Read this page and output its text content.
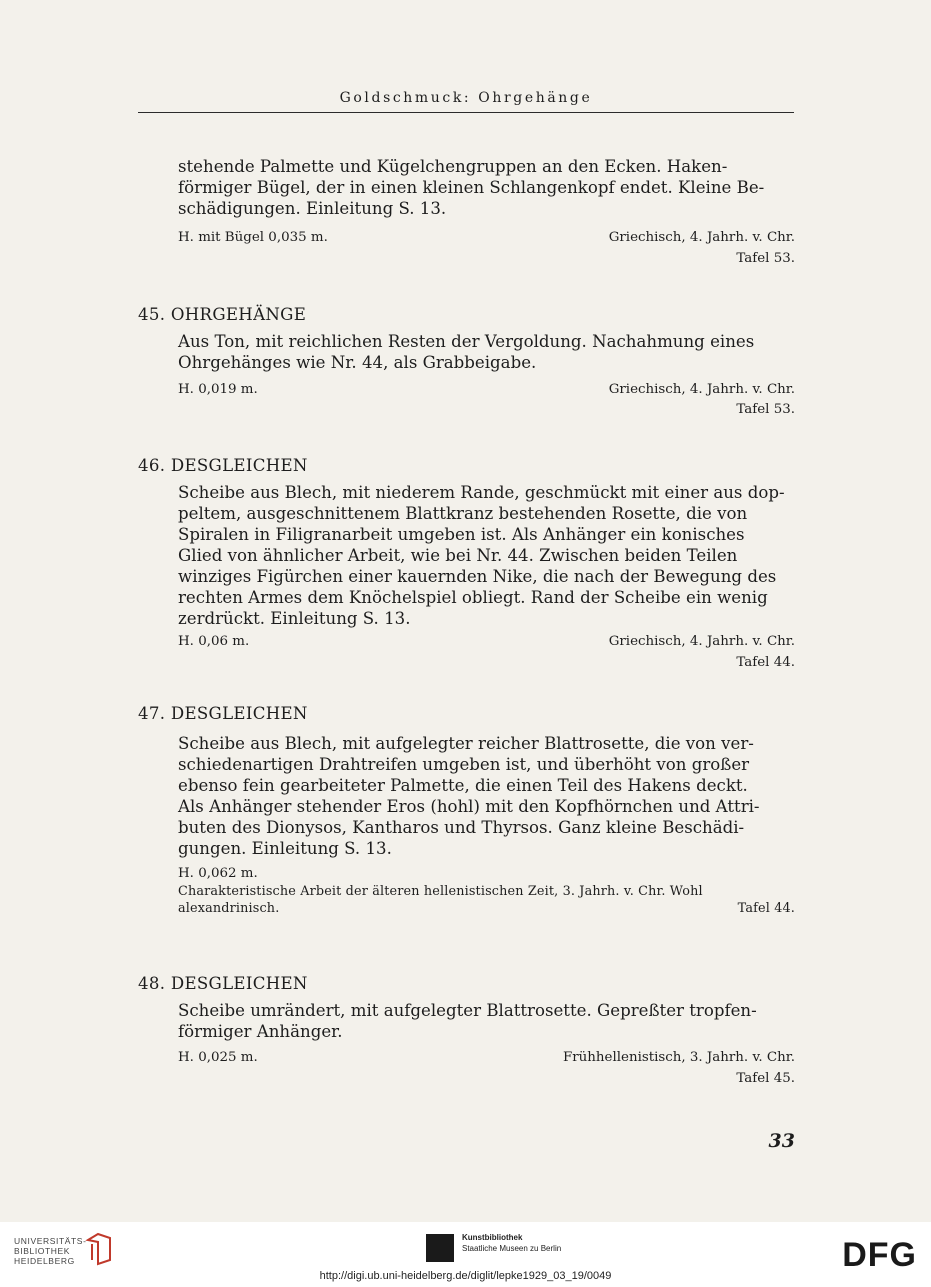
Goldschmuck: Ohrgehänge
stehende Palmette und Kügelchengruppen an den Ecken. Haken-
förmiger Bügel, der in einen kleinen Schlangenkopf endet. Kleine Be-
schädigungen. Einleitung S. 13.
H. mit Bügel 0,035 m.	Griechisch, 4. Jahrh. v. Chr.
Tafel 53.
45. OHRGEHÄNGE
Aus Ton, mit reichlichen Resten der Vergoldung. Nachahmung eines
Ohrgehänges wie Nr. 44, als Grabbeigabe.
H. 0,019 m.	Griechisch, 4. Jahrh. v. Chr.
Tafel 53.
46. DESGLEICHEN
Scheibe aus Blech, mit niederem Rande, geschmückt mit einer aus dop-
peltem, ausgeschnittenem Blattkranz bestehenden Rosette, die von
Spiralen in Filigranarbeit umgeben ist. Als Anhänger ein konisches
Glied von ähnlicher Arbeit, wie bei Nr. 44. Zwischen beiden Teilen
winziges Figürchen einer kauernden Nike, die nach der Bewegung des
rechten Armes dem Knöchelspiel obliegt. Rand der Scheibe ein wenig
zerdrückt. Einleitung S. 13.
H. 0,06 m.	Griechisch, 4. Jahrh. v. Chr.
Tafel 44.
47. DESGLEICHEN
Scheibe aus Blech, mit aufgelegter reicher Blattrosette, die von ver-
schiedenartigen Drahtreifen umgeben ist, und überhöht von großer
ebenso fein gearbeiteter Palmette, die einen Teil des Hakens deckt.
Als Anhänger stehender Eros (hohl) mit den Kopfhörnchen und Attri-
buten des Dionysos, Kantharos und Thyrsos. Ganz kleine Beschädi-
gungen. Einleitung S. 13.
H. 0,062 m.
Charakteristische Arbeit der älteren hellenistischen Zeit, 3. Jahrh. v. Chr. Wohl
alexandrinisch.	Tafel 44.
48. DESGLEICHEN
Scheibe umrändert, mit aufgelegter Blattrosette. Gepreßter tropfen-
förmiger Anhänger.
H. 0,025 m.	Frühhellenistisch, 3. Jahrh. v. Chr.
Tafel 45.
33
UNIVERSITÄTS-
BIBLIOTHEK
HEIDELBERG
Kunstbibliothek
Staatliche Museen zu Berlin	DFG
http://digi.ub.uni-heidelberg.de/diglit/lepke1929_03_19/0049
